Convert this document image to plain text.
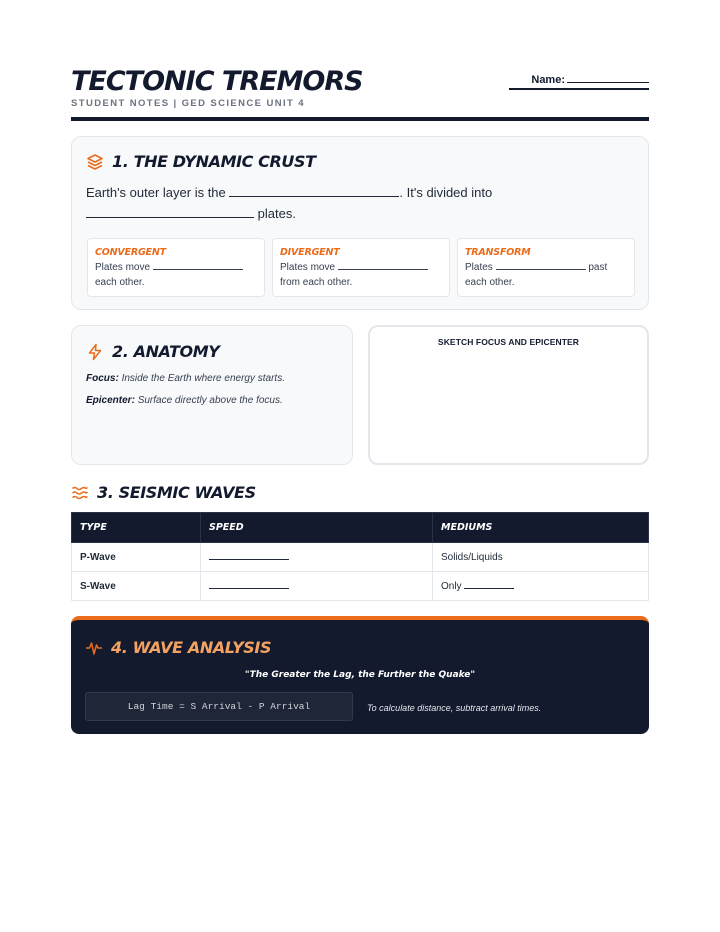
TECTONIC TREMORS
STUDENT NOTES | GED SCIENCE UNIT 4
Name:
1. THE DYNAMIC CRUST
Earth's outer layer is the	. It's divided into
plates.
CONVERGENT
Plates move
each other.
DIVERGENT
Plates move
from each other.
TRANSFORM
Plates	past
each other.
2. ANATOMY
Focus: Inside the Earth where energy starts.
Epicenter: Surface directly above the focus.
SKETCH FOCUS AND EPICENTER
3. SEISMIC WAVES
TYPE	SPEED	MEDIUMS
P-Wave		Solids/Liquids
S-Wave		Only
4. WAVE ANALYSIS
"The Greater the Lag, the Further the Quake"
Lag Time = S Arrival - P Arrival	To calculate distance, subtract arrival times.
